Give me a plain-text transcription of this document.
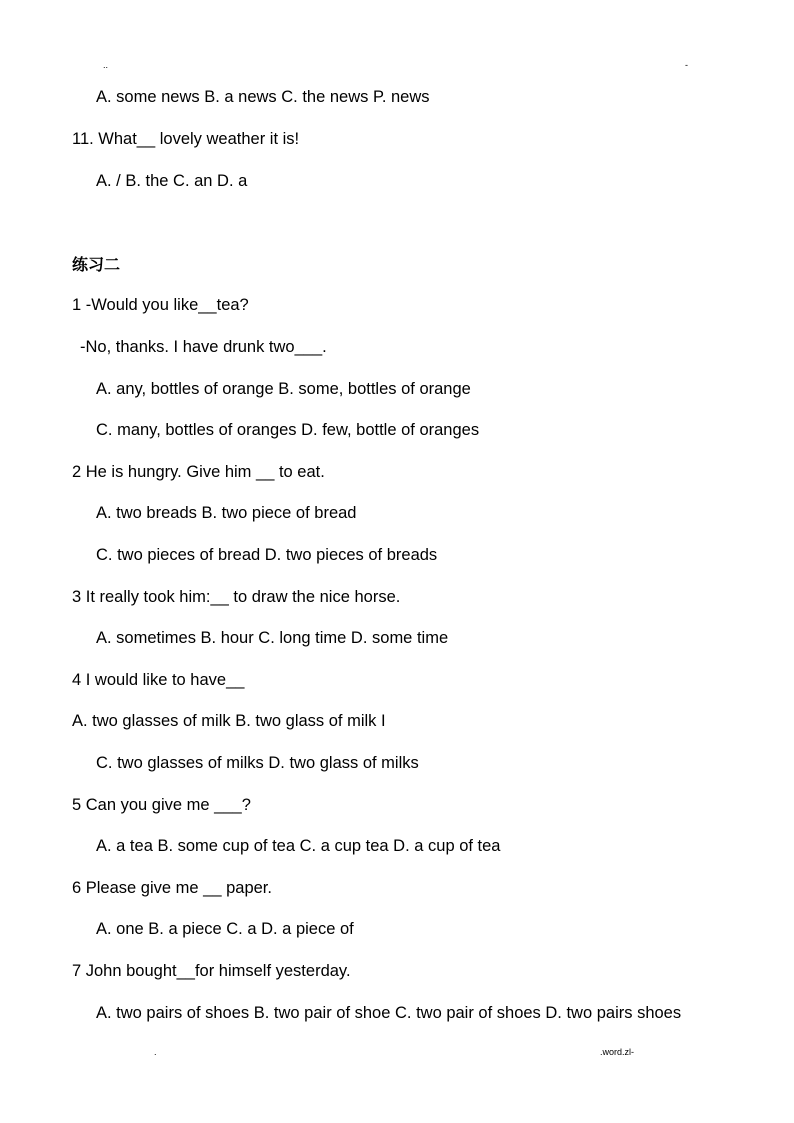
..	-
A. some news B. a news C. the news P. news
11. What__ lovely weather it is!
A. / B. the C. an D. a
练习二
1 -Would you like__tea?
-No, thanks. I have drunk two___.
A. any, bottles of orange B. some, bottles of orange
C. many, bottles of oranges D. few, bottle of oranges
2 He is hungry. Give him __ to eat.
A. two breads B. two piece of bread
C. two pieces of bread D. two pieces of breads
3 It really took him:__ to draw the nice horse.
A. sometimes B. hour C. long time D. some time
4 I would like to have__
A. two glasses of milk B. two glass of milk I
C. two glasses of milks D. two glass of milks
5 Can you give me ___?
A. a tea B. some cup of tea C. a cup tea D. a cup of tea
6 Please give me __ paper.
A. one B. a piece C. a D. a piece of
7 John bought__for himself yesterday.
A. two pairs of shoes B. two pair of shoe C. two pair of shoes D. two pairs shoes
.	.word.zl-
